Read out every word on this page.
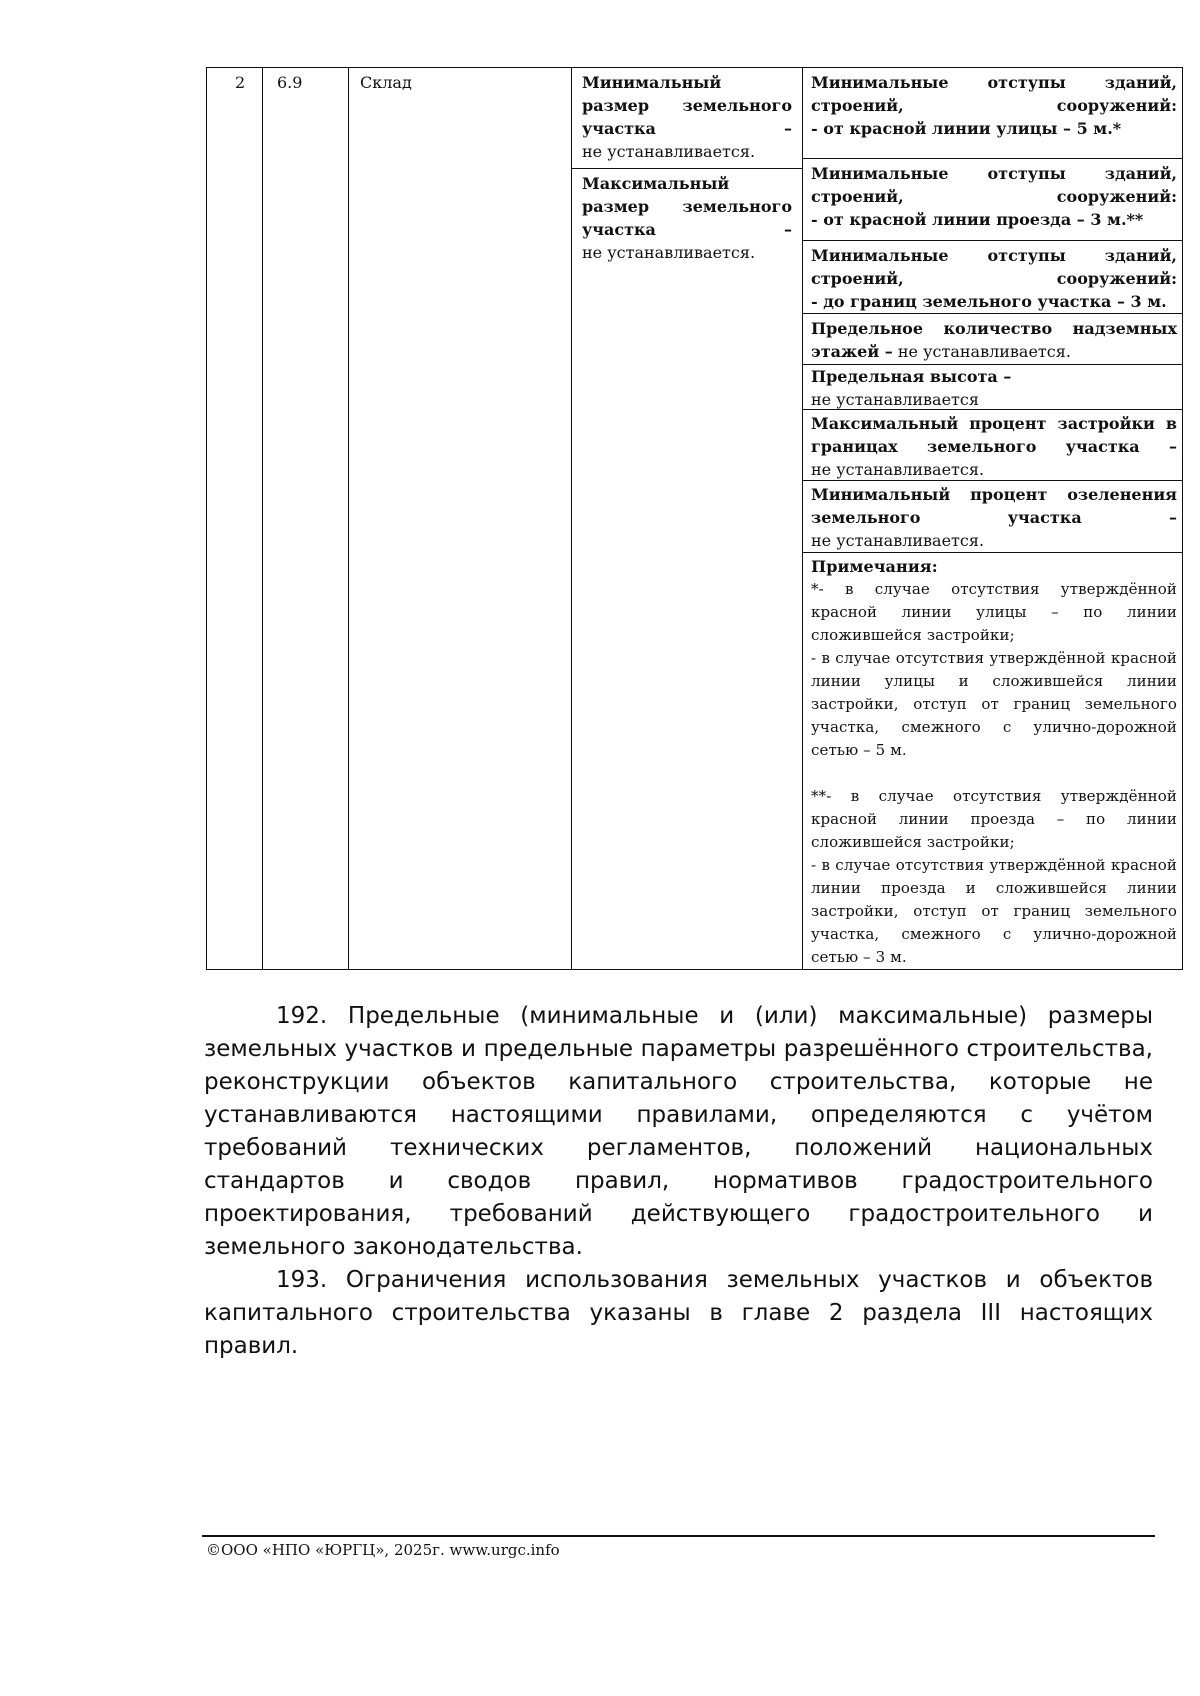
2 6.9	Склад	Минимальный размер земельного участка –
не устанавливается.
Максимальный размер земельного участка –
не устанавливается.

Минимальные отступы зданий, строений, сооружений:

- от красной линии улицы – 5 м.*

Минимальные отступы зданий, строений, сооружений:

- от красной линии проезда – 3 м.**

Минимальные отступы зданий, строений, сооружений:

- до границ земельного участка – 3 м.

Предельное количество надземных этажей – не устанавливается.

Предельная высота –

не устанавливается

Максимальный процент застройки в границах земельного участка –

не устанавливается.

Минимальный процент озеленения земельного участка –

не устанавливается.

Примечания:

*- в случае отсутствия утверждённой красной линии улицы – по линии сложившейся застройки;

- в случае отсутствия утверждённой красной линии улицы и сложившейся линии застройки, отступ от границ земельного участка, смежного с улично-дорожной сетью – 5 м.

**- в случае отсутствия утверждённой красной линии проезда – по линии сложившейся застройки;

- в случае отсутствия утверждённой красной линии проезда и сложившейся линии застройки, отступ от границ земельного участка, смежного с улично-дорожной сетью – 3 м.

192. Предельные (минимальные и (или) максимальные) размеры земельных участков и предельные параметры разрешённого строительства, реконструкции объектов капитального строительства, которые не устанавливаются настоящими правилами, определяются с учётом требований технических регламентов, положений национальных стандартов и сводов правил, нормативов градостроительного проектирования, требований действующего градостроительного и земельного законодательства.

193. Ограничения использования земельных участков и объектов капитального строительства указаны в главе 2 раздела III настоящих правил.

©ООО «НПО «ЮРГЦ», 2025г. www.urgc.info
